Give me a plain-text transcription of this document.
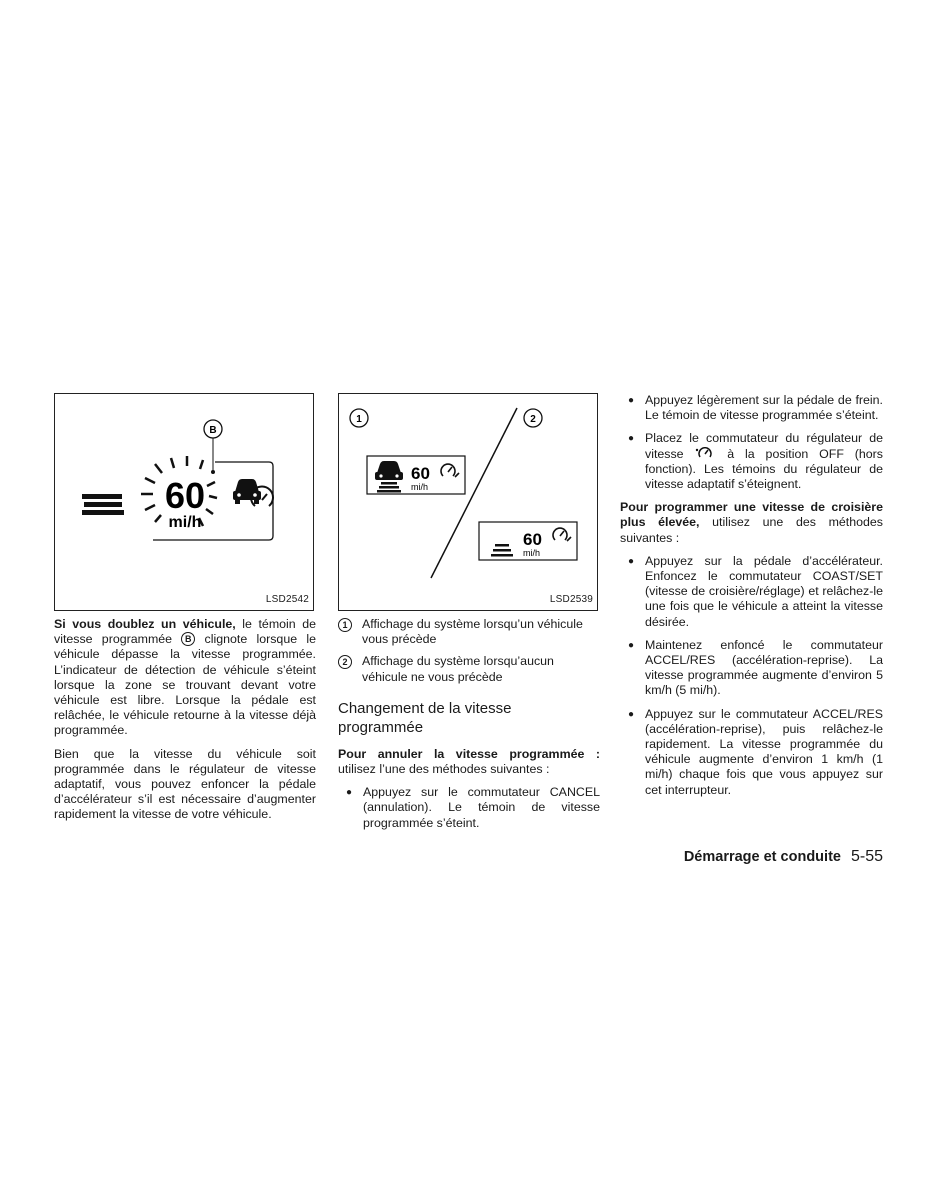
B
60
mi/h
LSD2542

Si vous doublez un véhicule, le témoin de vitesse programmée B clignote lorsque le véhicule dépasse la vitesse programmée. L’indicateur de détection de véhicule s’éteint lorsque la zone se trouvant devant votre véhicule est libre. Lorsque la pédale est relâchée, le véhicule retourne à la vitesse déjà programmée.

Bien que la vitesse du véhicule soit programmée dans le régulateur de vitesse adaptatif, vous pouvez enfoncer la pédale d’accélérateur s’il est nécessaire d’augmenter rapidement la vitesse de votre véhicule.

1	2
60
mi/h
60
mi/h
LSD2539
1	Affichage du système lorsqu’un véhicule vous précède
2	Affichage du système lorsqu’aucun véhicule ne vous précède
Changement de la vitesse programmée

Pour annuler la vitesse programmée : utilisez l’une des méthodes suivantes :

● Appuyez sur le commutateur CANCEL (annulation). Le témoin de vitesse programmée s’éteint.
● Appuyez légèrement sur la pédale de frein. Le témoin de vitesse programmée s’éteint.
● Placez le commutateur du régulateur de vitesse  à la position OFF (hors fonction). Les témoins du régulateur de vitesse adaptatif s’éteignent.

Pour programmer une vitesse de croisière plus élevée, utilisez une des méthodes suivantes :

● Appuyez sur la pédale d’accélérateur. Enfoncez le commutateur COAST/SET (vitesse de croisière/réglage) et relâchez-le une fois que le véhicule a atteint la vitesse désirée.
● Maintenez enfoncé le commutateur ACCEL/RES (accélération-reprise). La vitesse programmée augmente d’environ 5 km/h (5 mi/h).
● Appuyez sur le commutateur ACCEL/RES (accélération-reprise), puis relâchez-le rapidement. La vitesse programmée du véhicule augmente d’environ 1 km/h (1 mi/h) chaque fois que vous appuyez sur cet interrupteur.
Démarrage et conduite 5-55
